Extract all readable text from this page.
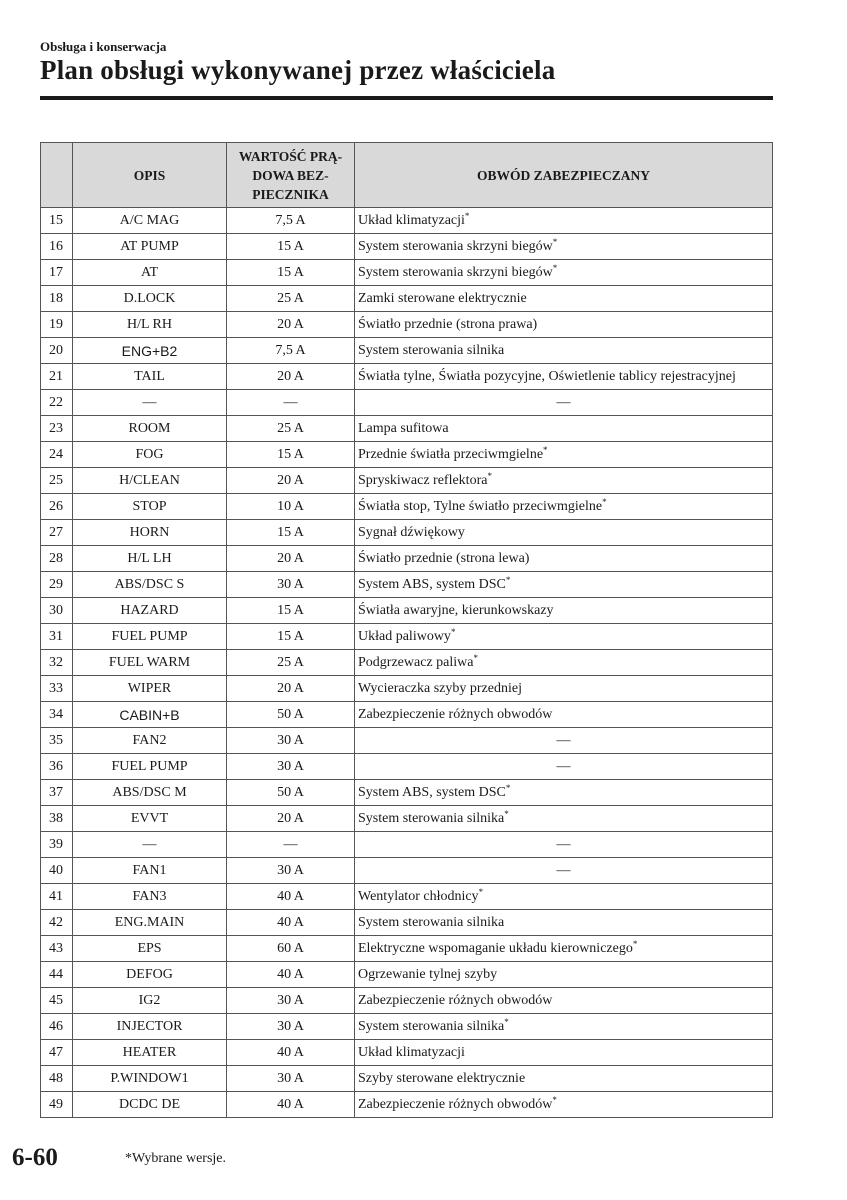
Obsługa i konserwacja
Plan obsługi wykonywanej przez właściciela
	OPIS	WARTOŚĆ PRĄ-
DOWA BEZ-
PIECZNIKA	OBWÓD ZABEZPIECZANY
15	A/C MAG	7,5 A	Układ klimatyzacji*
16	AT PUMP	15 A	System sterowania skrzyni biegów*
17	AT	15 A	System sterowania skrzyni biegów*
18	D.LOCK	25 A	Zamki sterowane elektrycznie
19	H/L RH	20 A	Światło przednie (strona prawa)
20	ENG+B2	7,5 A	System sterowania silnika
21	TAIL	20 A	Światła tylne, Światła pozycyjne, Oświetlenie tablicy rejestracyjnej
22	—	—	—
23	ROOM	25 A	Lampa sufitowa
24	FOG	15 A	Przednie światła przeciwmgielne*
25	H/CLEAN	20 A	Spryskiwacz reflektora*
26	STOP	10 A	Światła stop, Tylne światło przeciwmgielne*
27	HORN	15 A	Sygnał dźwiękowy
28	H/L LH	20 A	Światło przednie (strona lewa)
29	ABS/DSC S	30 A	System ABS, system DSC*
30	HAZARD	15 A	Światła awaryjne, kierunkowskazy
31	FUEL PUMP	15 A	Układ paliwowy*
32	FUEL WARM	25 A	Podgrzewacz paliwa*
33	WIPER	20 A	Wycieraczka szyby przedniej
34	CABIN+B	50 A	Zabezpieczenie różnych obwodów
35	FAN2	30 A	—
36	FUEL PUMP	30 A	—
37	ABS/DSC M	50 A	System ABS, system DSC*
38	EVVT	20 A	System sterowania silnika*
39	—	—	—
40	FAN1	30 A	—
41	FAN3	40 A	Wentylator chłodnicy*
42	ENG.MAIN	40 A	System sterowania silnika
43	EPS	60 A	Elektryczne wspomaganie układu kierowniczego*
44	DEFOG	40 A	Ogrzewanie tylnej szyby
45	IG2	30 A	Zabezpieczenie różnych obwodów
46	INJECTOR	30 A	System sterowania silnika*
47	HEATER	40 A	Układ klimatyzacji
48	P.WINDOW1	30 A	Szyby sterowane elektrycznie
49	DCDC DE	40 A	Zabezpieczenie różnych obwodów*
6-60	*Wybrane wersje.
